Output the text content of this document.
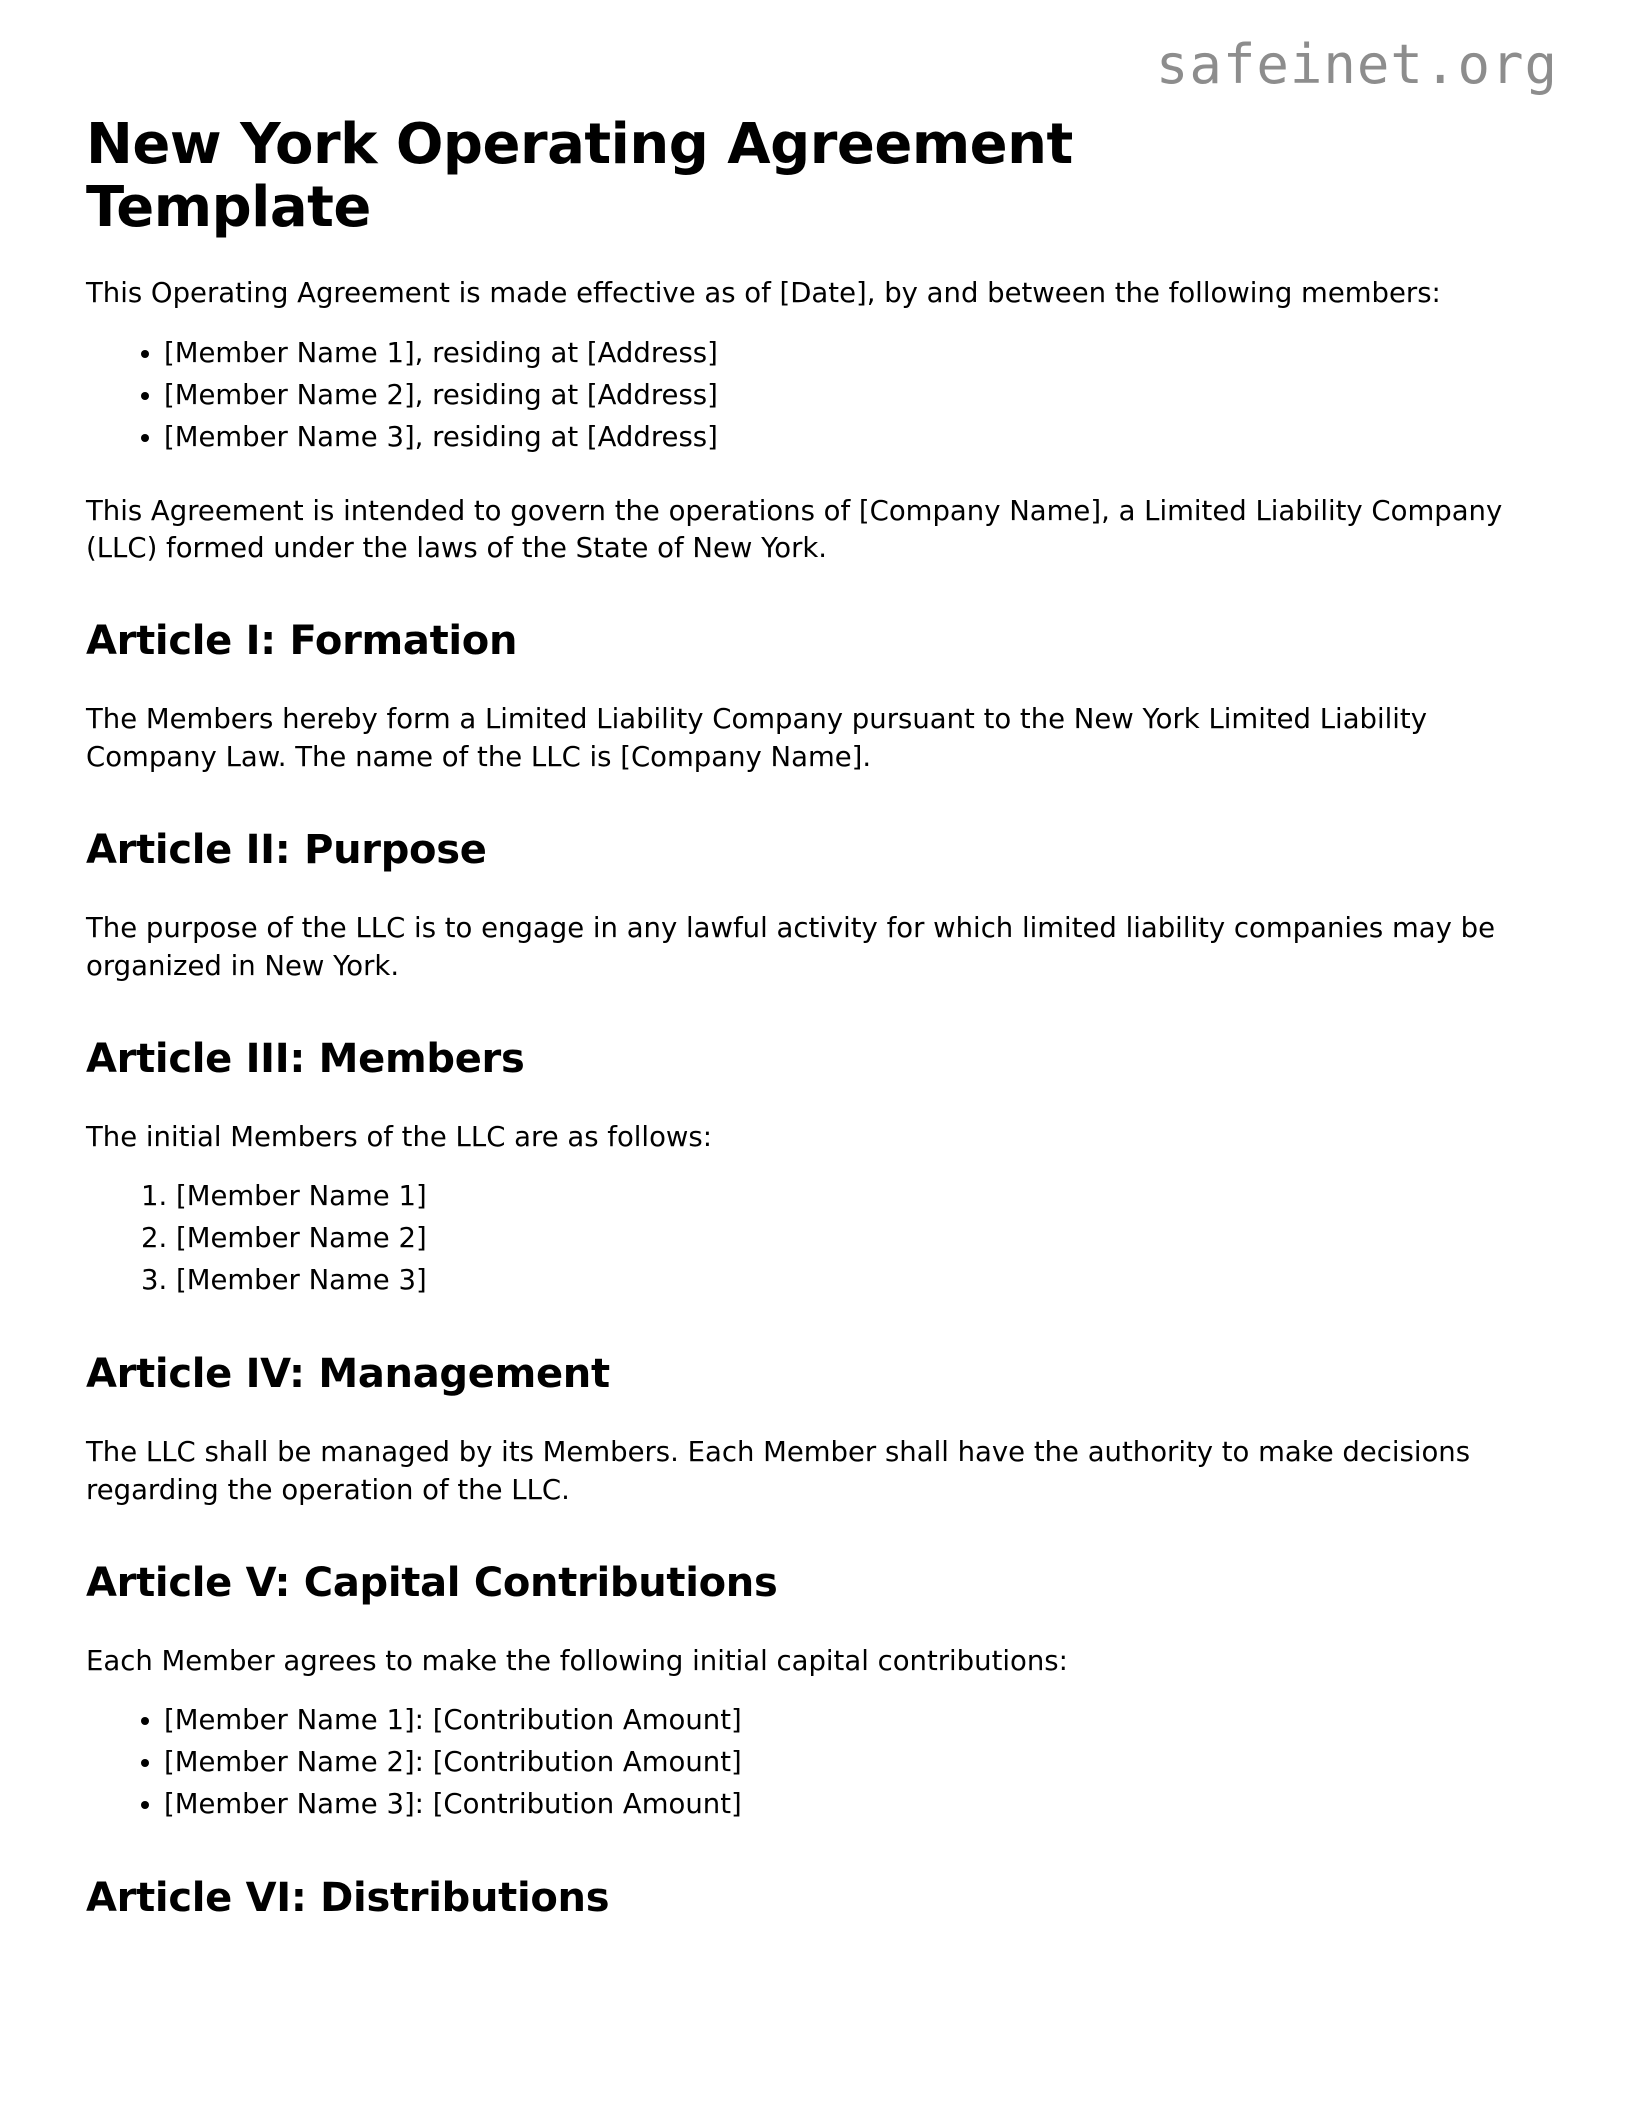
safeinet.org
New York Operating Agreement Template

This Operating Agreement is made effective as of [Date], by and between the following members:

• [Member Name 1], residing at [Address]
• [Member Name 2], residing at [Address]
• [Member Name 3], residing at [Address]

This Agreement is intended to govern the operations of [Company Name], a Limited Liability Company (LLC) formed under the laws of the State of New York.

Article I: Formation

The Members hereby form a Limited Liability Company pursuant to the New York Limited Liability Company Law. The name of the LLC is [Company Name].

Article II: Purpose

The purpose of the LLC is to engage in any lawful activity for which limited liability companies may be organized in New York.

Article III: Members

The initial Members of the LLC are as follows:

1. [Member Name 1]
2. [Member Name 2]
3. [Member Name 3]
Article IV: Management

The LLC shall be managed by its Members. Each Member shall have the authority to make decisions regarding the operation of the LLC.

Article V: Capital Contributions

Each Member agrees to make the following initial capital contributions:

• [Member Name 1]: [Contribution Amount]
• [Member Name 2]: [Contribution Amount]
• [Member Name 3]: [Contribution Amount]
Article VI: Distributions
